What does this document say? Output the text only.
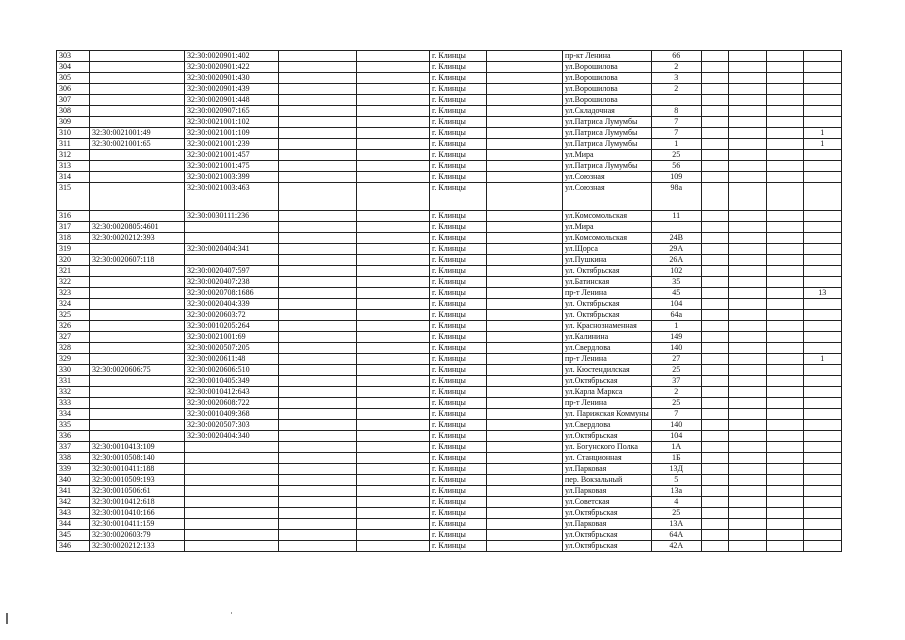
303		32:30:0020901:402			г. Клинцы		пр-кт Ленина	66				
304		32:30:0020901:422			г. Клинцы		ул.Ворошилова	2				
305		32:30:0020901:430			г. Клинцы		ул.Ворошилова	3				
306		32:30:0020901:439			г. Клинцы		ул.Ворошилова	2				
307		32:30:0020901:448			г. Клинцы		ул.Ворошилова					
308		32:30:0020907:165			г. Клинцы		ул.Складочная	8				
309		32:30:0021001:102			г. Клинцы		ул.Патриса Лумумбы	7				
310	32:30:0021001:49	32:30:0021001:109			г. Клинцы		ул.Патриса Лумумбы	7				1
311	32:30:0021001:65	32:30:0021001:239			г. Клинцы		ул.Патриса Лумумбы	1				1
312		32:30:0021001:457			г. Клинцы		ул.Мира	25				
313		32:30:0021001:475			г. Клинцы		ул.Патриса Лумумбы	56				
314		32:30:0021003:399			г. Клинцы		ул.Союзная	109				
315		32:30:0021003:463			г. Клинцы		ул.Союзная	98а				
316		32:30:0030111:236			г. Клинцы		ул.Комсомольская	11				
317	32:30:0020805:4601				г. Клинцы		ул.Мира					
318	32:30:0020212:393				г. Клинцы		ул.Комсомольская	24В				
319		32:30:0020404:341			г. Клинцы		ул.Щорса	29А				
320	32:30:0020607:118				г. Клинцы		ул.Пушкина	26А				
321		32:30:0020407:597			г. Клинцы		ул. Октябрьская	102				
322		32:30:0020407:238			г. Клинцы		ул.Батинская	35				
323		32:30:0020708:1686			г. Клинцы		пр-т Ленина	45				13
324		32:30:0020404:339			г. Клинцы		ул. Октябрьская	104				
325		32:30:0020603:72			г. Клинцы		ул. Октябрьская	64а				
326		32:30:0010205:264			г. Клинцы		ул. Краснознаменная	1				
327		32:30:0021001:69			г. Клинцы		ул.Калинина	149				
328		32:30:0020507:205			г. Клинцы		ул.Свердлова	140				
329		32:30:0020611:48			г. Клинцы		пр-т Ленина	27				1
330	32:30:0020606:75	32:30:0020606:510			г. Клинцы		ул. Кюстендилская	25				
331		32:30:0010405:349			г. Клинцы		ул.Октябрьская	37				
332		32:30:0010412:643			г. Клинцы		ул.Карла Маркса	2				
333		32:30:0020608:722			г. Клинцы		пр-т Ленина	25				
334		32:30:0010409:368			г. Клинцы		ул. Парижская Коммуны	7				
335		32:30:0020507:303			г. Клинцы		ул.Свердлова	140				
336		32:30:0020404:340			г. Клинцы		ул.Октябрьская	104				
337	32:30:0010413:109				г. Клинцы		ул. Богунского Полка	1А				
338	32:30:0010508:140				г. Клинцы		ул. Станционная	1Б				
339	32:30:0010411:188				г. Клинцы		ул.Парковая	13Д				
340	32:30:0010509:193				г. Клинцы		пер. Вокзальный	5				
341	32:30:0010506:61				г. Клинцы		ул.Парковая	13а				
342	32:30:0010412:618				г. Клинцы		ул.Советская	4				
343	32:30:0010410:166				г. Клинцы		ул.Октябрьская	25				
344	32:30:0010411:159				г. Клинцы		ул.Парковая	13А				
345	32:30:0020603:79				г. Клинцы		ул.Октябрьская	64А				
346	32:30:0020212:133				г. Клинцы		ул.Октябрьская	42А				
